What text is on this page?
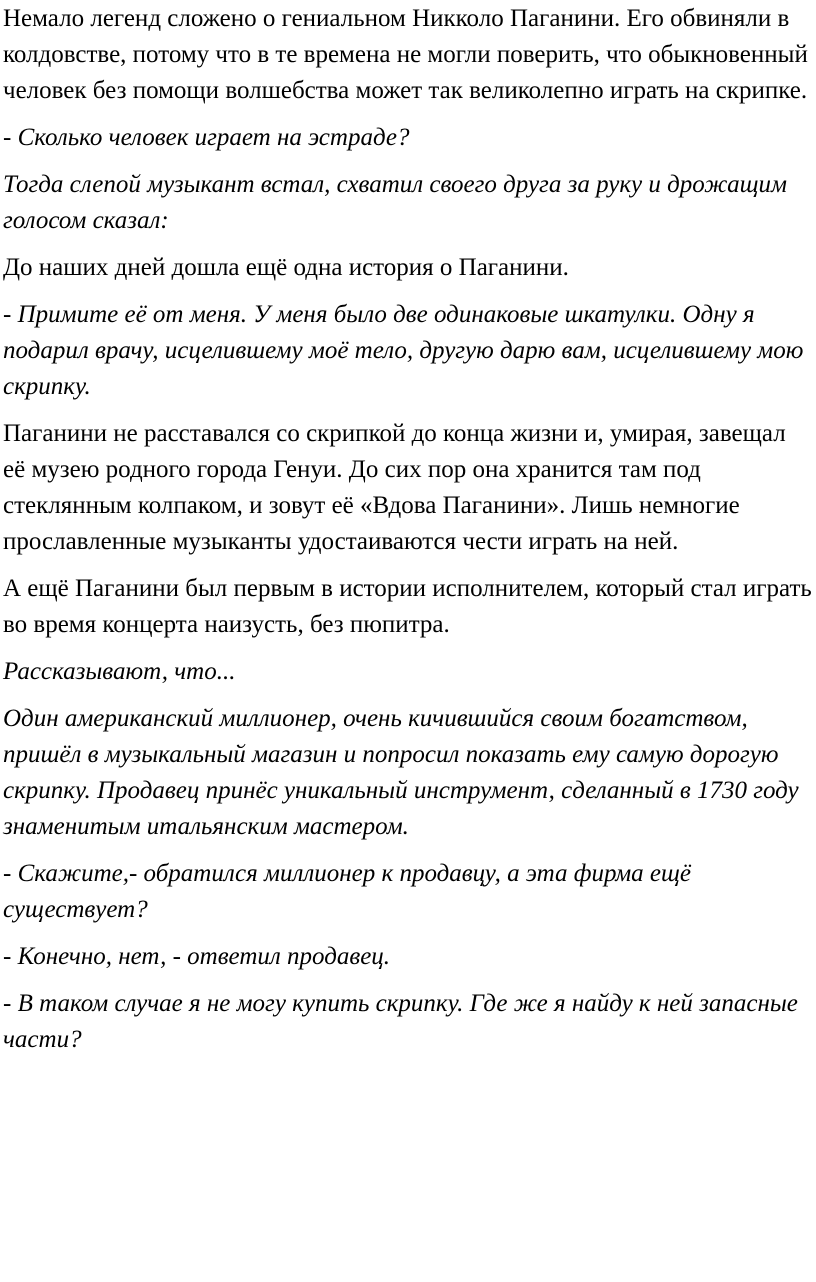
Немало легенд сложено о гениальном Никколо Паганини. Его обвиняли в колдовстве, потому что в те времена не могли поверить, что обыкновенный человек без помощи волшебства может так великолепно играть на скрипке.

- Сколько человек играет на эстраде?

Тогда слепой музыкант встал, схватил своего друга за руку и дрожащим голосом сказал:

До наших дней дошла ещё одна история о Паганини.

- Примите её от меня. У меня было две одинаковые шкатулки. Одну я подарил врачу, исцелившему моё тело, другую дарю вам, исцелившему мою скрипку.

Паганини не расставался со скрипкой до конца жизни и, умирая, завещал её музею родного города Генуи. До сих пор она хранится там под стеклянным колпаком, и зовут её «Вдова Паганини». Лишь немногие прославленные музыканты удостаиваются чести играть на ней.

А ещё Паганини был первым в истории исполнителем, который стал играть во время концерта наизусть, без пюпитра.

Рассказывают, что...

Один американский миллионер, очень кичившийся своим богатством, пришёл в музыкальный магазин и попросил показать ему самую дорогую скрипку. Продавец принёс уникальный инструмент, сделанный в 1730 году знаменитым итальянским мастером.

- Скажите,- обратился миллионер к продавцу, а эта фирма ещё существует?

- Конечно, нет, - ответил продавец.

- В таком случае я не могу купить скрипку. Где же я найду к ней запасные части?
